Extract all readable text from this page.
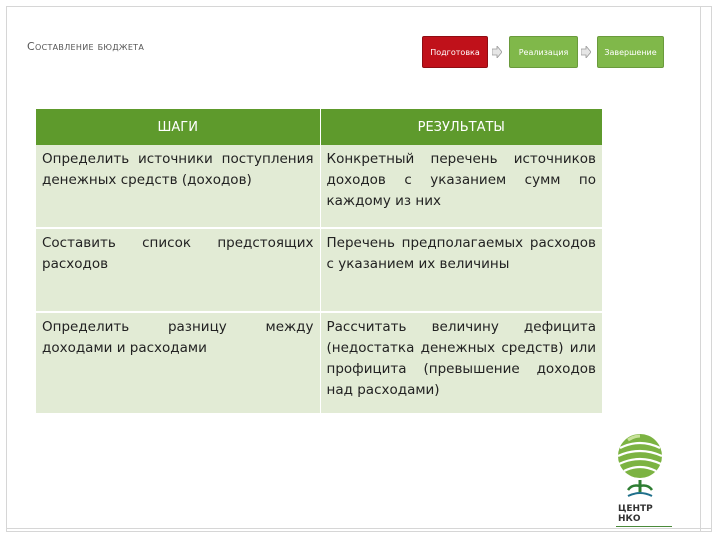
Составление бюджета	Подготовка	Реализация	Завершение
ШАГИ	РЕЗУЛЬТАТЫ
Определить источники поступления денежных средств (доходов)	Конкретный перечень источников доходов с указанием сумм по каждому из них
Составить список предстоящих расходов	Перечень предполагаемых расходов с указанием их величины
Определить разницу между доходами и расходами	Рассчитать величину дефицита (недостатка денежных средств) или профицита (превышение доходов над расходами)
ЦЕНТР
НКО
